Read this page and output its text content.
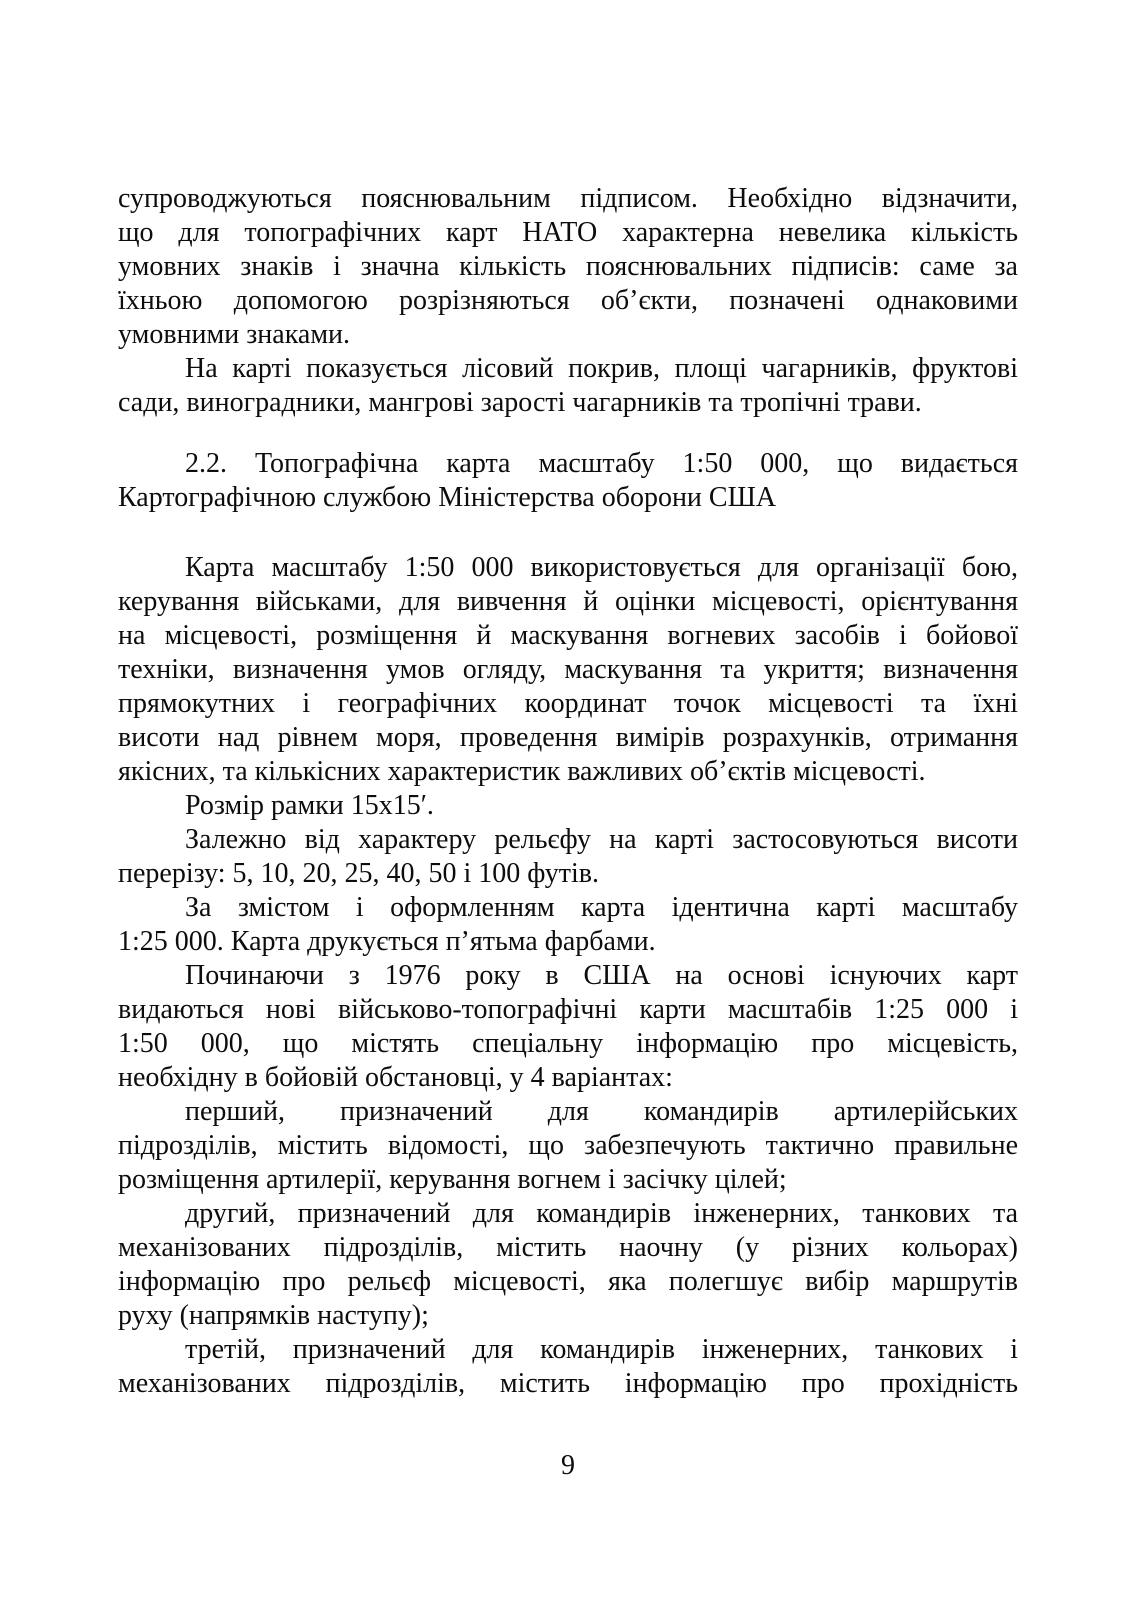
супроводжуються пояснювальним підписом. Необхідно відзначити,
що для топографічних карт НАТО характерна невелика кількість
умовних знаків і значна кількість пояснювальних підписів: саме за
їхньою допомогою розрізняються об’єкти, позначені однаковими
умовними знаками.
На карті показується лісовий покрив, площі чагарників, фруктові
сади, виноградники, мангрові зарості чагарників та тропічні трави.
2.2. Топографічна карта масштабу 1:50 000, що видається
Картографічною службою Міністерства оборони США
Карта масштабу 1:50 000 використовується для організації бою,
керування військами, для вивчення й оцінки місцевості, орієнтування
на місцевості, розміщення й маскування вогневих засобів і бойової
техніки, визначення умов огляду, маскування та укриття; визначення
прямокутних і географічних координат точок місцевості та їхні
висоти над рівнем моря, проведення вимірів розрахунків, отримання
якісних, та кількісних характеристик важливих об’єктів місцевості.
Розмір рамки 15х15′.
Залежно від характеру рельєфу на карті застосовуються висоти
перерізу: 5, 10, 20, 25, 40, 50 і 100 футів.
За змістом і оформленням карта ідентична карті масштабу
1:25 000. Карта друкується п’ятьма фарбами.
Починаючи з 1976 року в США на основі існуючих карт
видаються нові військово-топографічні карти масштабів 1:25 000 і
1:50 000, що містять спеціальну інформацію про місцевість,
необхідну в бойовій обстановці, у 4 варіантах:
перший, призначений для командирів артилерійських
підрозділів, містить відомості, що забезпечують тактично правильне
розміщення артилерії, керування вогнем і засічку цілей;
другий, призначений для командирів інженерних, танкових та
механізованих підрозділів, містить наочну (у різних кольорах)
інформацію про рельєф місцевості, яка полегшує вибір маршрутів
руху (напрямків наступу);
третій, призначений для командирів інженерних, танкових і
механізованих підрозділів, містить інформацію про прохідність
9
